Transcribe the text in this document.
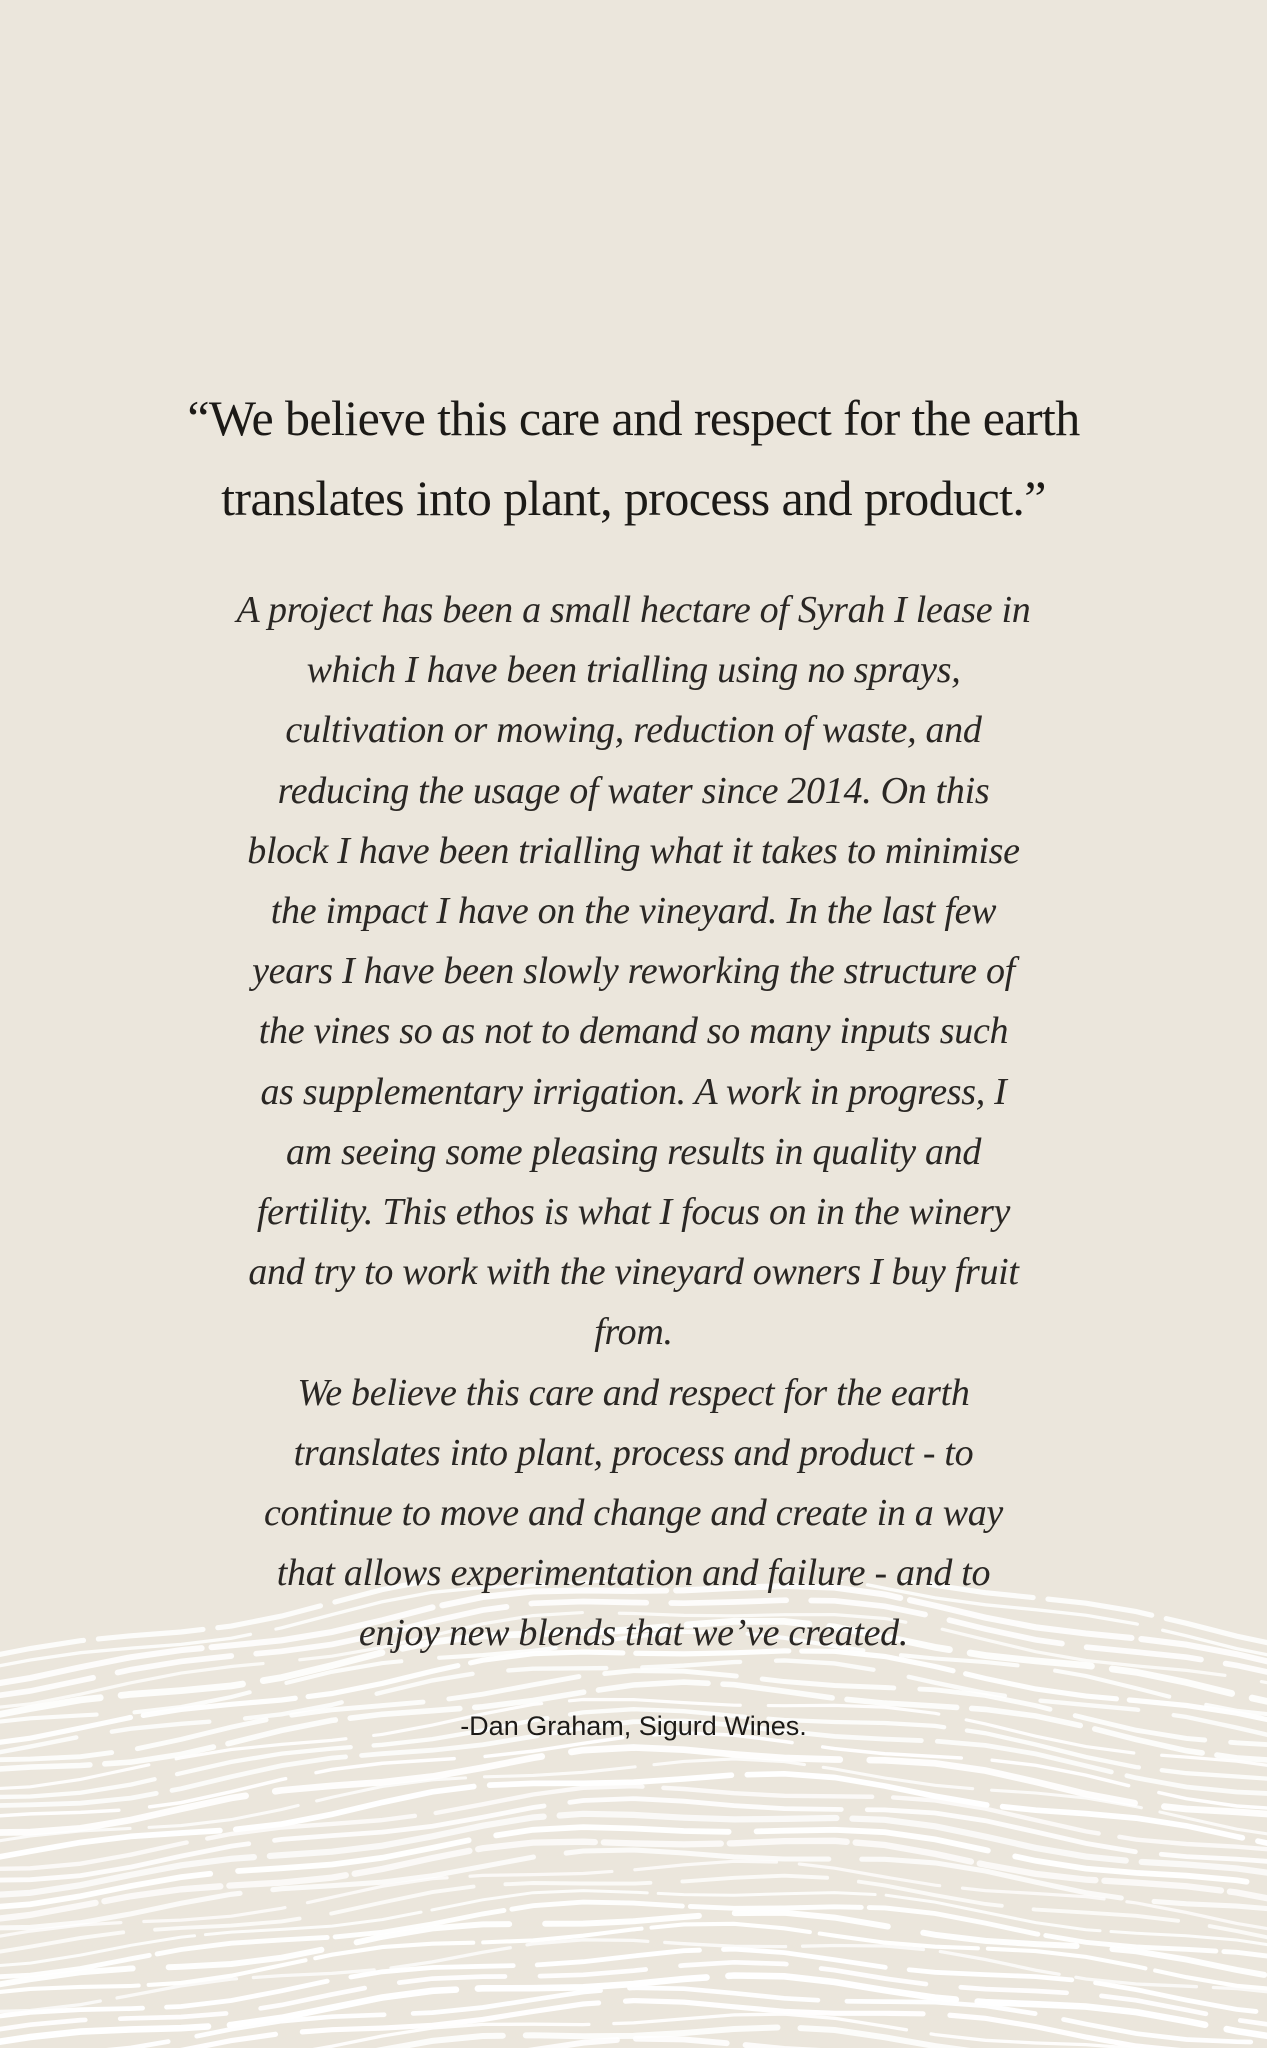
“We believe this care and respect for the earth
translates into plant, process and product.”
A project has been a small hectare of Syrah I lease in
which I have been trialling using no sprays,
cultivation or mowing, reduction of waste, and
reducing the usage of water since 2014. On this
block I have been trialling what it takes to minimise
the impact I have on the vineyard. In the last few
years I have been slowly reworking the structure of
the vines so as not to demand so many inputs such
as supplementary irrigation. A work in progress, I
am seeing some pleasing results in quality and
fertility. This ethos is what I focus on in the winery
and try to work with the vineyard owners I buy fruit
from.
We believe this care and respect for the earth
translates into plant, process and product - to
continue to move and change and create in a way
that allows experimentation and failure - and to
enjoy new blends that we’ve created.

-Dan Graham, Sigurd Wines.
